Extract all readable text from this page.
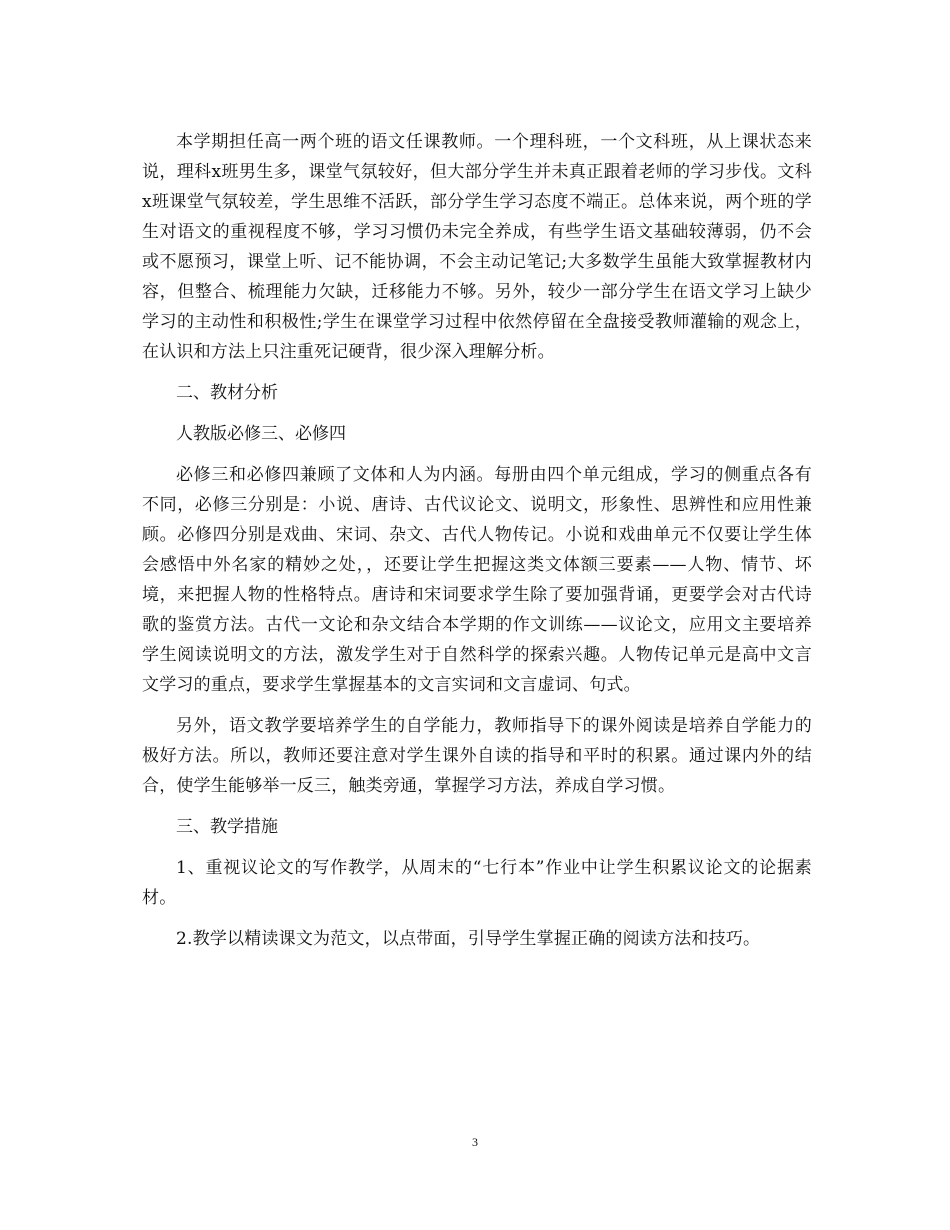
本学期担任高一两个班的语文任课教师。一个理科班，一个文科班，从上课状态来说，理科x班男生多，课堂气氛较好，但大部分学生并未真正跟着老师的学习步伐。文科x班课堂气氛较差，学生思维不活跃，部分学生学习态度不端正。总体来说，两个班的学生对语文的重视程度不够，学习习惯仍未完全养成，有些学生语文基础较薄弱，仍不会或不愿预习，课堂上听、记不能协调，不会主动记笔记;大多数学生虽能大致掌握教材内容，但整合、梳理能力欠缺，迁移能力不够。另外，较少一部分学生在语文学习上缺少学习的主动性和积极性;学生在课堂学习过程中依然停留在全盘接受教师灌输的观念上，在认识和方法上只注重死记硬背，很少深入理解分析。

二、教材分析

人教版必修三、必修四

必修三和必修四兼顾了文体和人为内涵。每册由四个单元组成，学习的侧重点各有不同，必修三分别是：小说、唐诗、古代议论文、说明文，形象性、思辨性和应用性兼顾。必修四分别是戏曲、宋词、杂文、古代人物传记。小说和戏曲单元不仅要让学生体会感悟中外名家的精妙之处，，还要让学生把握这类文体额三要素——人物、情节、坏境，来把握人物的性格特点。唐诗和宋词要求学生除了要加强背诵，更要学会对古代诗歌的鉴赏方法。古代一文论和杂文结合本学期的作文训练——议论文，应用文主要培养学生阅读说明文的方法，激发学生对于自然科学的探索兴趣。人物传记单元是高中文言文学习的重点，要求学生掌握基本的文言实词和文言虚词、句式。

另外，语文教学要培养学生的自学能力，教师指导下的课外阅读是培养自学能力的极好方法。所以，教师还要注意对学生课外自读的指导和平时的积累。通过课内外的结合，使学生能够举一反三，触类旁通，掌握学习方法，养成自学习惯。

三、教学措施

1、重视议论文的写作教学，从周末的“七行本”作业中让学生积累议论文的论据素材。

2.教学以精读课文为范文，以点带面，引导学生掌握正确的阅读方法和技巧。

3
